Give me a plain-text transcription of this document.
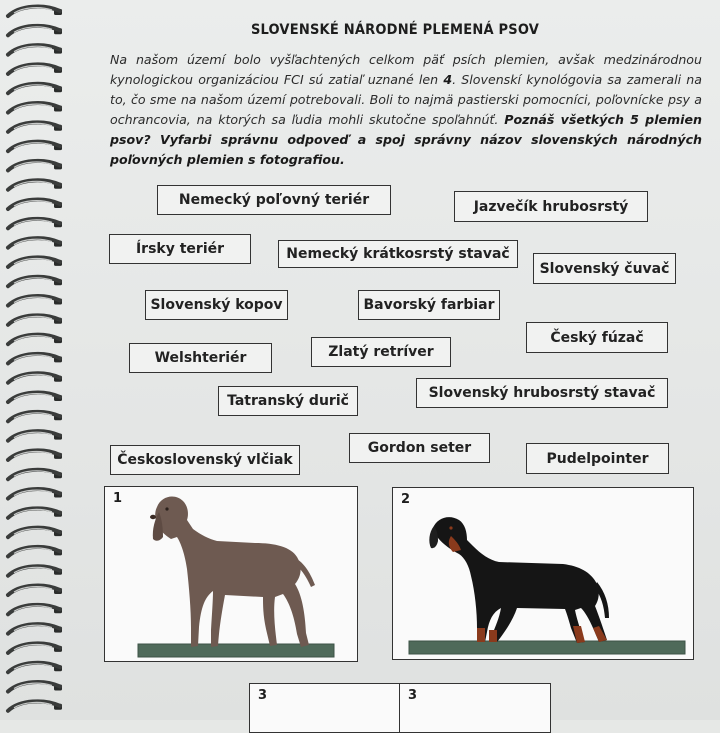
SLOVENSKÉ NÁRODNÉ PLEMENÁ PSOV
Na našom území bolo vyšľachtených celkom päť psích plemien, avšak medzinárodnou kynologickou organizáciou FCI sú zatiaľ uznané len 4. Slovenskí kynológovia sa zamerali na to, čo sme na našom území potrebovali. Boli to najmä pastierski pomocníci, poľovnícke psy a ochrancovia, na ktorých sa ľudia mohli skutočne spoľahnúť. Poznáš všetkých 5 plemien psov? Vyfarbi správnu odpoveď a spoj správny názov slovenských národných poľovných plemien s fotografiou.
Nemecký poľovný teriér	Jazvečík hrubosrstý
Írsky teriér	Nemecký krátkosrstý stavač
Slovenský čuvač
Slovenský kopov	Bavorský farbiar
Český fúzač
Welshteriér	Zlatý retríver
Tatranský durič	Slovenský hrubosrstý stavač
Gordon seter
Československý vlčiak	Pudelpointer
1	2
3	3
